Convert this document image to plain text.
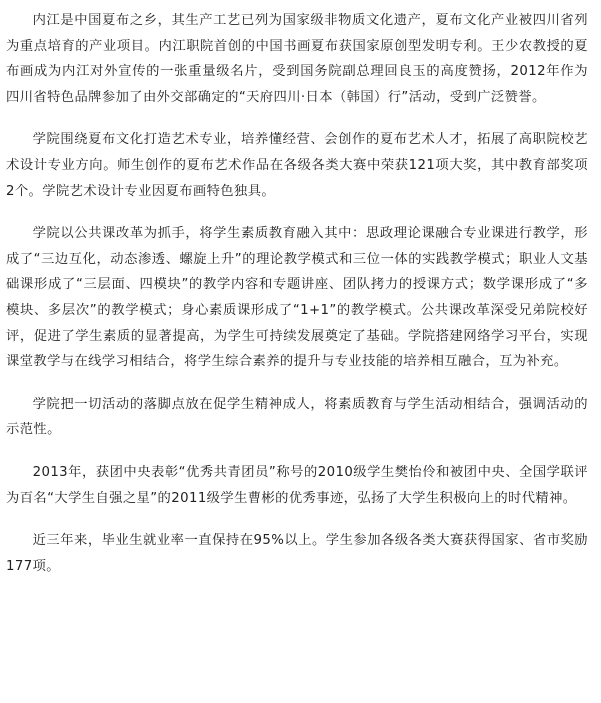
内江是中国夏布之乡，其生产工艺已列为国家级非物质文化遗产，夏布文化产业被四川省列为重点培育的产业项目。内江职院首创的中国书画夏布获国家原创型发明专利。王少农教授的夏布画成为内江对外宣传的一张重量级名片，受到国务院副总理回良玉的高度赞扬，2012年作为四川省特色品牌参加了由外交部确定的“天府四川·日本（韩国）行”活动，受到广泛赞誉。

学院围绕夏布文化打造艺术专业，培养懂经营、会创作的夏布艺术人才，拓展了高职院校艺术设计专业方向。师生创作的夏布艺术作品在各级各类大赛中荣获121项大奖，其中教育部奖项2个。学院艺术设计专业因夏布画特色独具。

学院以公共课改革为抓手，将学生素质教育融入其中：思政理论课融合专业课进行教学，形成了“三边互化，动态渗透、螺旋上升”的理论教学模式和三位一体的实践教学模式；职业人文基础课形成了“三层面、四模块”的教学内容和专题讲座、团队拷力的授课方式；数学课形成了“多模块、多层次”的教学模式；身心素质课形成了“1+1”的教学模式。公共课改革深受兄弟院校好评，促进了学生素质的显著提高，为学生可持续发展奠定了基础。学院搭建网络学习平台，实现课堂教学与在线学习相结合，将学生综合素养的提升与专业技能的培养相互融合，互为补充。

学院把一切活动的落脚点放在促学生精神成人，将素质教育与学生活动相结合，强调活动的示范性。

2013年，获团中央表彰“优秀共青团员”称号的2010级学生樊怡伶和被团中央、全国学联评为百名“大学生自强之星”的2011级学生曹彬的优秀事迹，弘扬了大学生积极向上的时代精神。

近三年来，毕业生就业率一直保持在95%以上。学生参加各级各类大赛获得国家、省市奖励177项。
